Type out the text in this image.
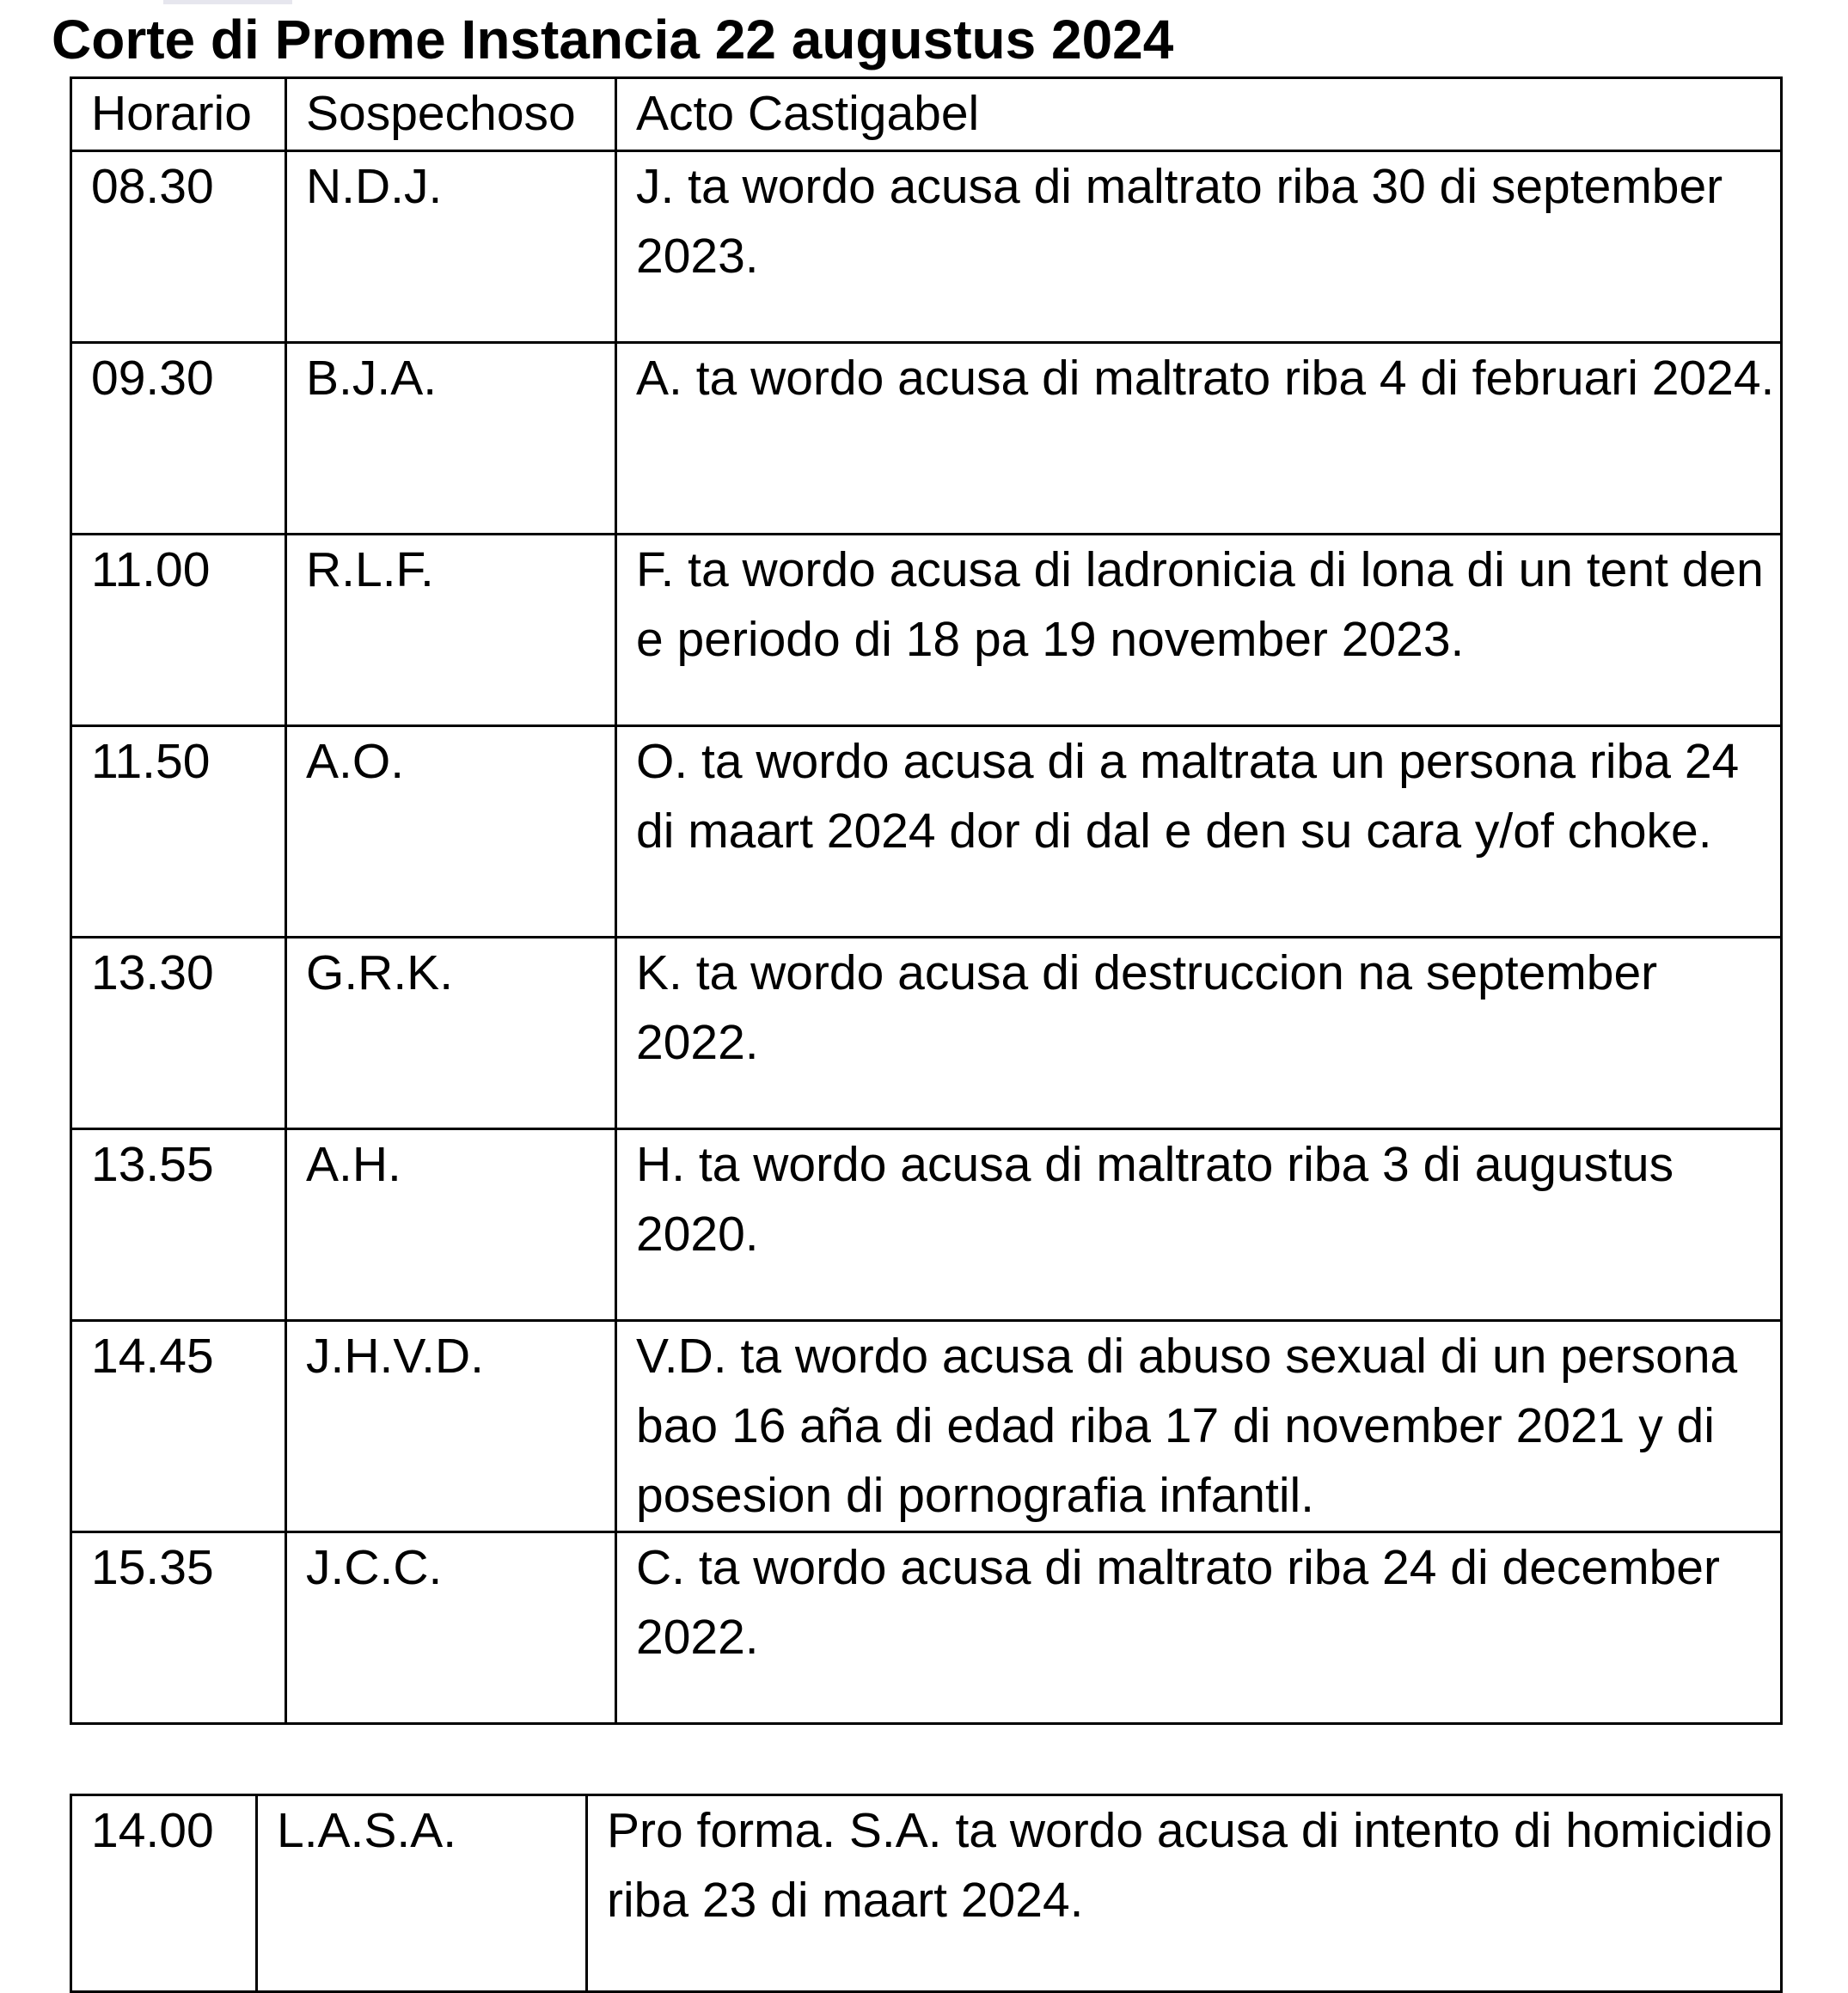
Corte di Prome Instancia 22 augustus 2024
Horario	Sospechoso	Acto Castigabel
08.30	N.D.J.	J. ta wordo acusa di maltrato riba 30 di september 2023.
09.30	B.J.A.	A. ta wordo acusa di maltrato riba 4 di februari 2024.
11.00	R.L.F.	F. ta wordo acusa di ladronicia di lona di un tent den e periodo di 18 pa 19 november 2023.
11.50	A.O.	O. ta wordo acusa di a maltrata un persona riba 24 di maart 2024 dor di dal e den su cara y/of choke.
13.30	G.R.K.	K. ta wordo acusa di destruccion na september 2022.
13.55	A.H.	H. ta wordo acusa di maltrato riba 3 di augustus 2020.
14.45	J.H.V.D.	V.D. ta wordo acusa di abuso sexual di un persona bao 16 aña di edad riba 17 di november 2021 y di posesion di pornografia infantil.
15.35	J.C.C.	C. ta wordo acusa di maltrato riba 24 di december 2022.
14.00	L.A.S.A.	Pro forma. S.A. ta wordo acusa di intento di homicidio riba 23 di maart 2024.
